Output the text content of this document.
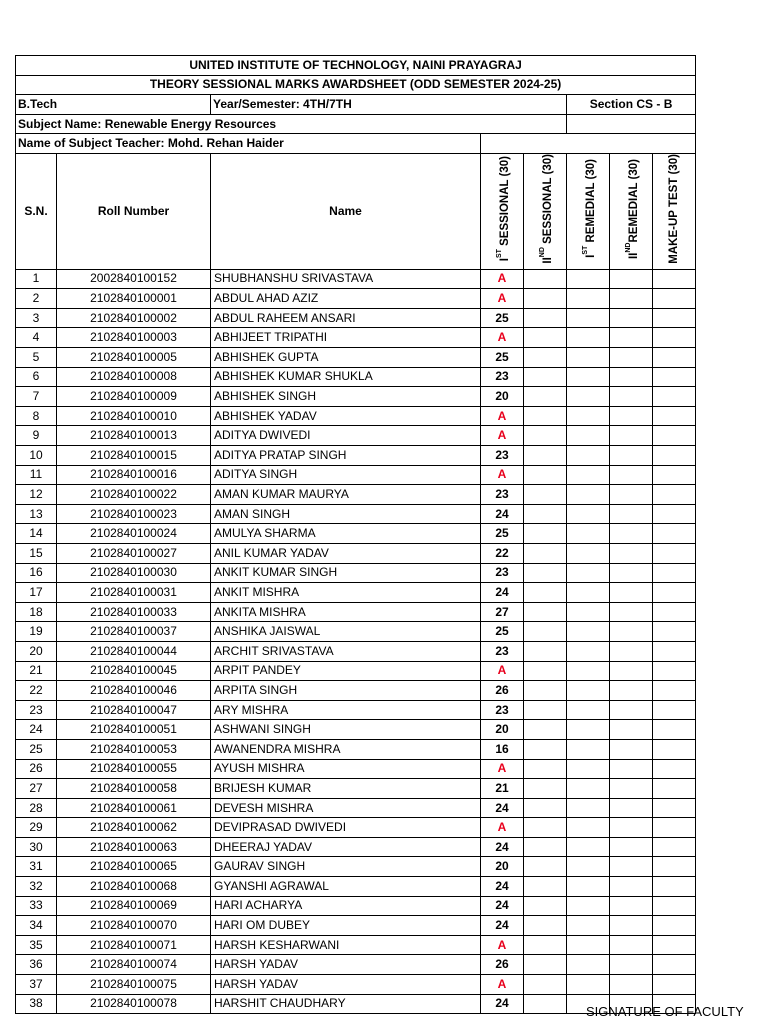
UNITED INSTITUTE OF TECHNOLOGY, NAINI PRAYAGRAJ							
THEORY SESSIONAL MARKS AWARDSHEET (ODD SEMESTER 2024-25)							
B.Tech		Year/Semester: 4TH/7TH			Section CS - B		
Subject Name: Renewable Energy Resources							
Name of Subject Teacher: Mohd. Rehan Haider							
S.N.	Roll Number	Name	IST SESSIONAL (30)	IIND SESSIONAL (30)	IST REMEDIAL (30)	IINDREMEDIAL (30)	MAKE-UP TEST (30)
1	2002840100152	SHUBHANSHU SRIVASTAVA	A				
2	2102840100001	ABDUL AHAD AZIZ	A				
3	2102840100002	ABDUL RAHEEM ANSARI	25				
4	2102840100003	ABHIJEET TRIPATHI	A				
5	2102840100005	ABHISHEK GUPTA	25				
6	2102840100008	ABHISHEK KUMAR SHUKLA	23				
7	2102840100009	ABHISHEK SINGH	20				
8	2102840100010	ABHISHEK YADAV	A				
9	2102840100013	ADITYA DWIVEDI	A				
10	2102840100015	ADITYA PRATAP SINGH	23				
11	2102840100016	ADITYA SINGH	A				
12	2102840100022	AMAN KUMAR MAURYA	23				
13	2102840100023	AMAN SINGH	24				
14	2102840100024	AMULYA SHARMA	25				
15	2102840100027	ANIL KUMAR YADAV	22				
16	2102840100030	ANKIT KUMAR SINGH	23				
17	2102840100031	ANKIT MISHRA	24				
18	2102840100033	ANKITA MISHRA	27				
19	2102840100037	ANSHIKA JAISWAL	25				
20	2102840100044	ARCHIT SRIVASTAVA	23				
21	2102840100045	ARPIT PANDEY	A				
22	2102840100046	ARPITA SINGH	26				
23	2102840100047	ARY MISHRA	23				
24	2102840100051	ASHWANI SINGH	20				
25	2102840100053	AWANENDRA MISHRA	16				
26	2102840100055	AYUSH MISHRA	A				
27	2102840100058	BRIJESH KUMAR	21				
28	2102840100061	DEVESH MISHRA	24				
29	2102840100062	DEVIPRASAD DWIVEDI	A				
30	2102840100063	DHEERAJ YADAV	24				
31	2102840100065	GAURAV SINGH	20				
32	2102840100068	GYANSHI AGRAWAL	24				
33	2102840100069	HARI ACHARYA	24				
34	2102840100070	HARI OM DUBEY	24				
35	2102840100071	HARSH KESHARWANI	A				
36	2102840100074	HARSH YADAV	26				
37	2102840100075	HARSH YADAV	A				
38	2102840100078	HARSHIT CHAUDHARY	24				
SIGNATURE OF FACULTY
